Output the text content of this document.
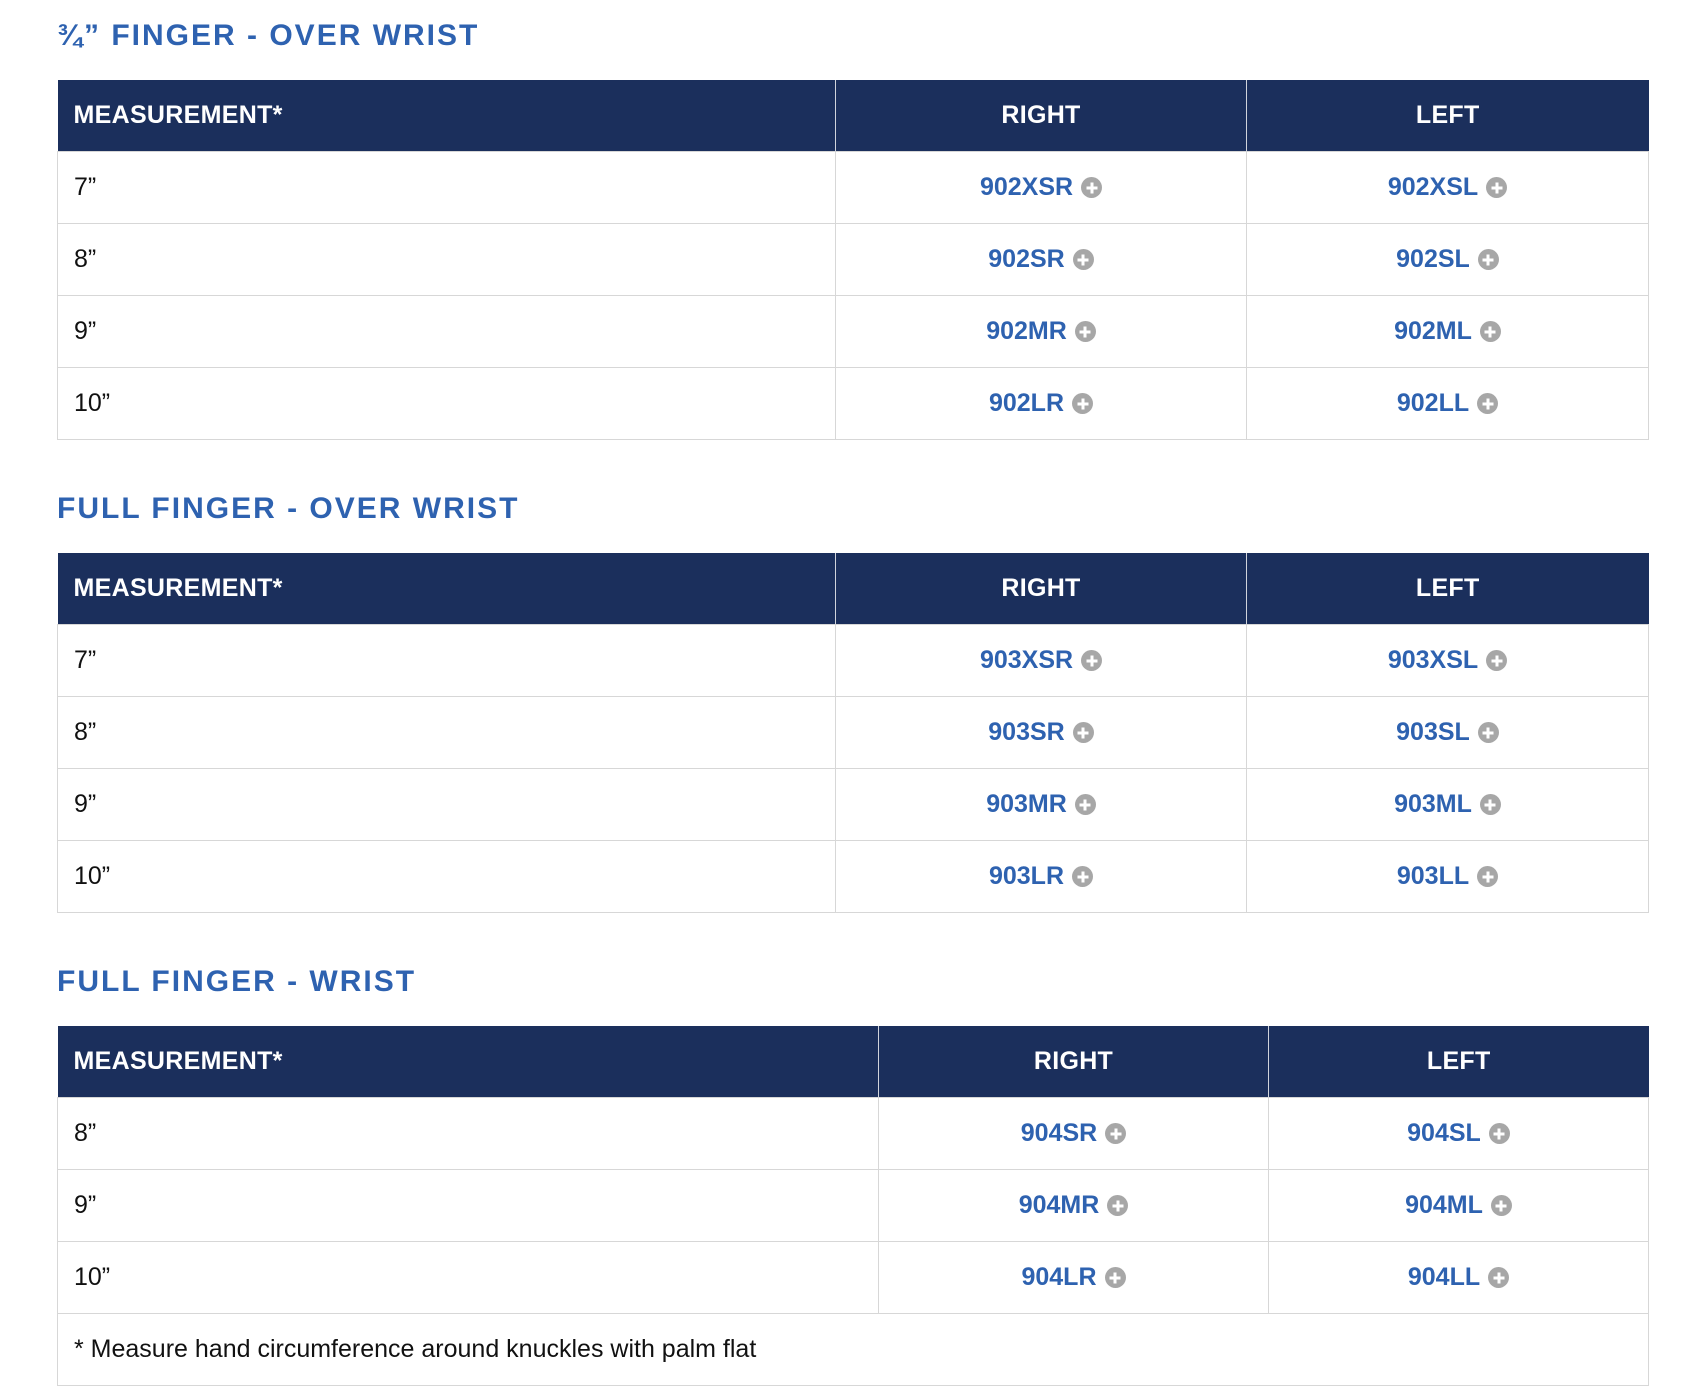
¾” FINGER - OVER WRIST
MEASUREMENT*	RIGHT	LEFT
7”	902XSR	902XSL

8”	902SR	902SL

9”	902MR	902ML

10”	902LR	902LL
FULL FINGER - OVER WRIST
MEASUREMENT*	RIGHT	LEFT
7”	903XSR	903XSL

8”	903SR	903SL

9”	903MR	903ML

10”	903LR	903LL
FULL FINGER - WRIST
MEASUREMENT*	RIGHT	LEFT
8”	904SR	904SL

9”	904MR	904ML

10”	904LR	904LL

* Measure hand circumference around knuckles with palm flat		
